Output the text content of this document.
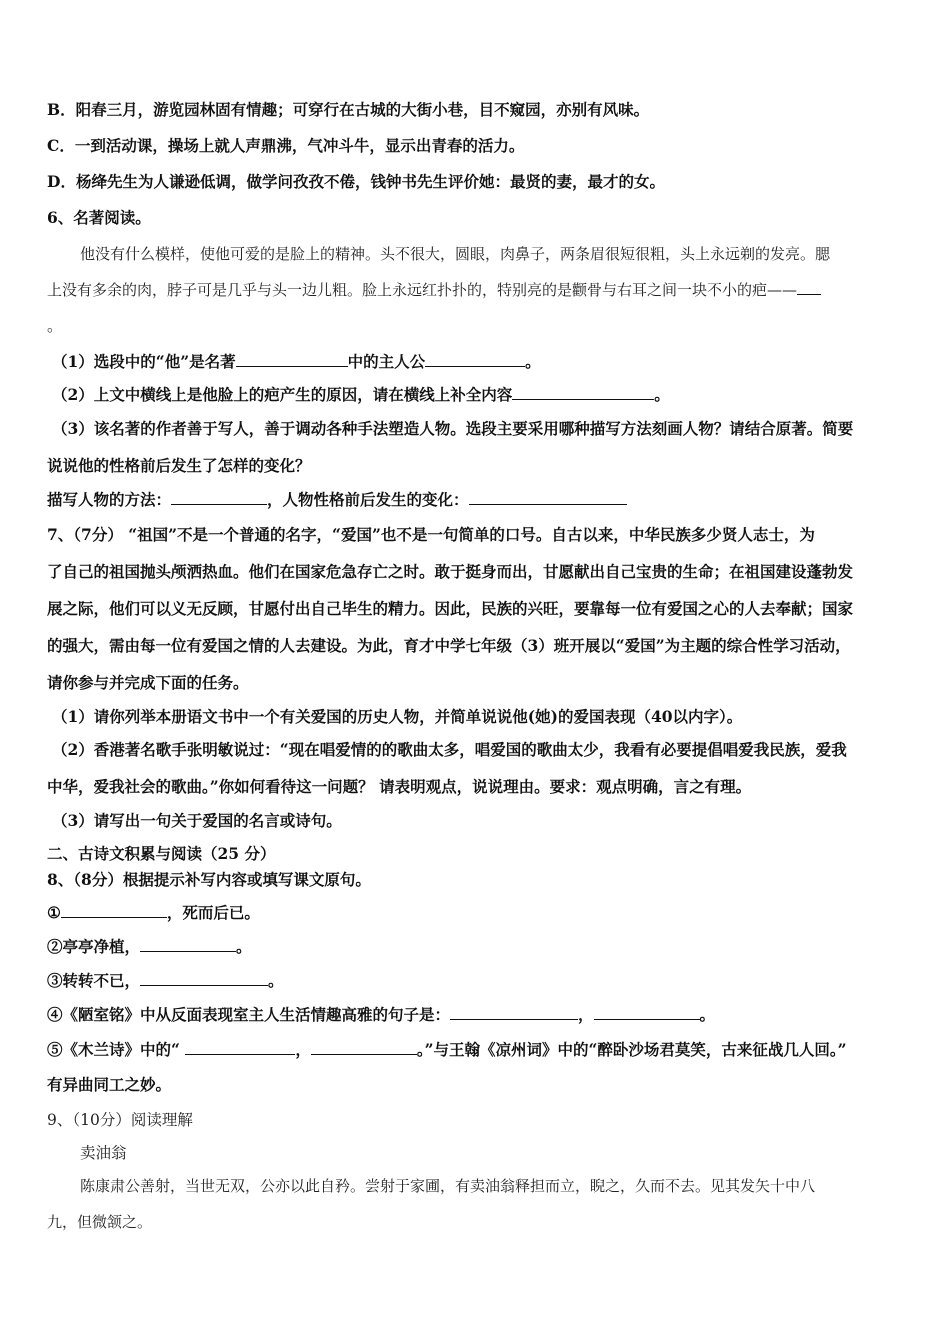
B．阳春三月，游览园林固有情趣；可穿行在古城的大街小巷，目不窥园，亦别有风味。
C．一到活动课，操场上就人声鼎沸，气冲斗牛，显示出青春的活力。
D．杨绛先生为人谦逊低调，做学问孜孜不倦，钱钟书先生评价她：最贤的妻，最才的女。
6、名著阅读。
他没有什么模样，使他可爱的是脸上的精神。头不很大，圆眼，肉鼻子，两条眉很短很粗，头上永远剃的发亮。腮
上没有多余的肉，脖子可是几乎与头一边儿粗。脸上永远红扑扑的，特别亮的是颧骨与右耳之间一块不小的疤——
。
（1）选段中的“他”是名著	中的主人公	。
（2）上文中横线上是他脸上的疤产生的原因，请在横线上补全内容	。
（3）该名著的作者善于写人，善于调动各种手法塑造人物。选段主要采用哪种描写方法刻画人物？请结合原著。简要
说说他的性格前后发生了怎样的变化？
描写人物的方法：	，人物性格前后发生的变化：
7、（7分） “祖国”不是一个普通的名字，“爱国”也不是一句简单的口号。自古以来，中华民族多少贤人志士，为
了自己的祖国抛头颅洒热血。他们在国家危急存亡之时。敢于挺身而出，甘愿献出自己宝贵的生命；在祖国建设蓬勃发
展之际，他们可以义无反顾，甘愿付出自己毕生的精力。因此，民族的兴旺，要靠每一位有爱国之心的人去奉献；国家
的强大，需由每一位有爱国之情的人去建设。为此，育才中学七年级（3）班开展以“爱国”为主题的综合性学习活动，
请你参与并完成下面的任务。
（1）请你列举本册语文书中一个有关爱国的历史人物，并简单说说他(她)的爱国表现（40以内字）。
（2）香港著名歌手张明敏说过：“现在唱爱情的的歌曲太多，唱爱国的歌曲太少，我看有必要提倡唱爱我民族，爱我
中华，爱我社会的歌曲。”你如何看待这一问题？ 请表明观点，说说理由。要求：观点明确，言之有理。
（3）请写出一句关于爱国的名言或诗句。
二、古诗文积累与阅读（25 分）
8、（8分）根据提示补写内容或填写课文原句。
①	，死而后已。
②亭亭净植，	。
③转转不已，	。
④《陋室铭》中从反面表现室主人生活情趣高雅的句子是：	，	。
⑤《木兰诗》中的“	，	。”与王翰《凉州词》中的“醉卧沙场君莫笑，古来征战几人回。”
有异曲同工之妙。
9、（10分）阅读理解
卖油翁
陈康肃公善射，当世无双，公亦以此自矜。尝射于家圃，有卖油翁释担而立，睨之，久而不去。见其发矢十中八
九，但微颔之。
